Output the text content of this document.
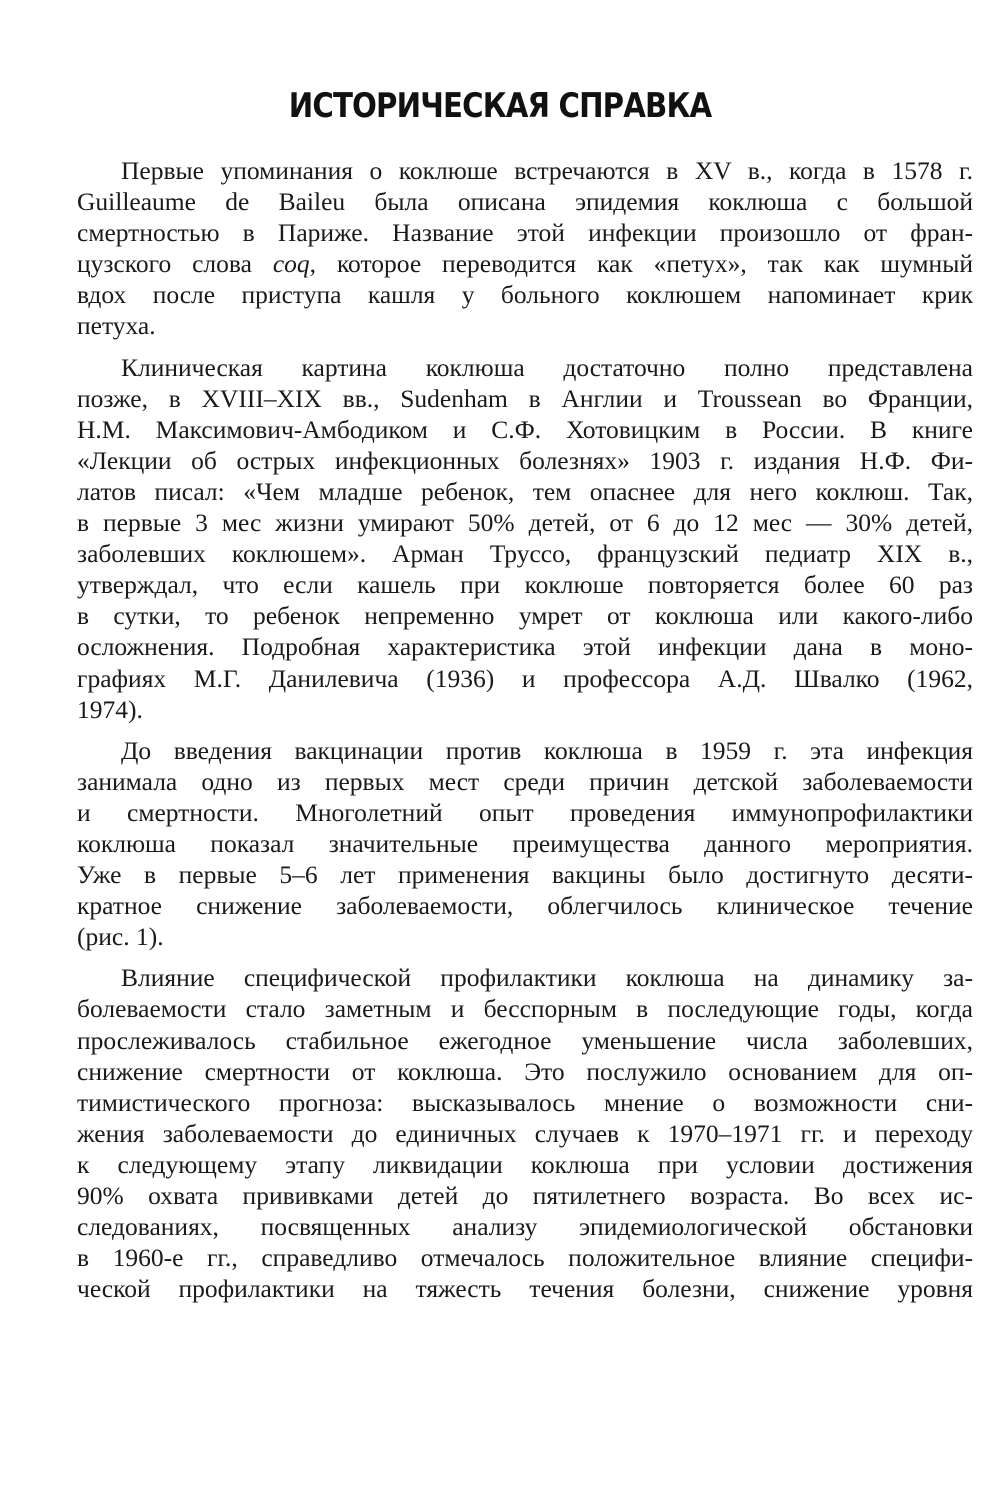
ИСТОРИЧЕСКАЯ СПРАВКА
Первые упоминания о коклюше встречаются в XV в., когда в 1578 г.
Guilleaume de Baileu была описана эпидемия коклюша с большой
смертностью в Париже. Название этой инфекции произошло от фран-
цузского слова coq, которое переводится как «петух», так как шумный
вдох после приступа кашля у больного коклюшем напоминает крик
петуха.
Клиническая картина коклюша достаточно полно представлена
позже, в XVIII–XIX вв., Sudenham в Англии и Troussean во Франции,
Н.М. Максимович-Амбодиком и С.Ф. Хотовицким в России. В книге
«Лекции об острых инфекционных болезнях» 1903 г. издания Н.Ф. Фи-
латов писал: «Чем младше ребенок, тем опаснее для него коклюш. Так,
в первые 3 мес жизни умирают 50% детей, от 6 до 12 мес — 30% детей,
заболевших коклюшем». Арман Труссо, французский педиатр XIX в.,
утверждал, что если кашель при коклюше повторяется более 60 раз
в сутки, то ребенок непременно умрет от коклюша или какого-либо
осложнения. Подробная характеристика этой инфекции дана в моно-
графиях М.Г. Данилевича (1936) и профессора А.Д. Швалко (1962,
1974).
До введения вакцинации против коклюша в 1959 г. эта инфекция
занимала одно из первых мест среди причин детской заболеваемости
и смертности. Многолетний опыт проведения иммунопрофилактики
коклюша показал значительные преимущества данного мероприятия.
Уже в первые 5–6 лет применения вакцины было достигнуто десяти-
кратное снижение заболеваемости, облегчилось клиническое течение
(рис. 1).
Влияние специфической профилактики коклюша на динамику за-
болеваемости стало заметным и бесспорным в последующие годы, когда
прослеживалось стабильное ежегодное уменьшение числа заболевших,
снижение смертности от коклюша. Это послужило основанием для оп-
тимистического прогноза: высказывалось мнение о возможности сни-
жения заболеваемости до единичных случаев к 1970–1971 гг. и переходу
к следующему этапу ликвидации коклюша при условии достижения
90% охвата прививками детей до пятилетнего возраста. Во всех ис-
следованиях, посвященных анализу эпидемиологической обстановки
в 1960-е гг., справедливо отмечалось положительное влияние специфи-
ческой профилактики на тяжесть течения болезни, снижение уровня
